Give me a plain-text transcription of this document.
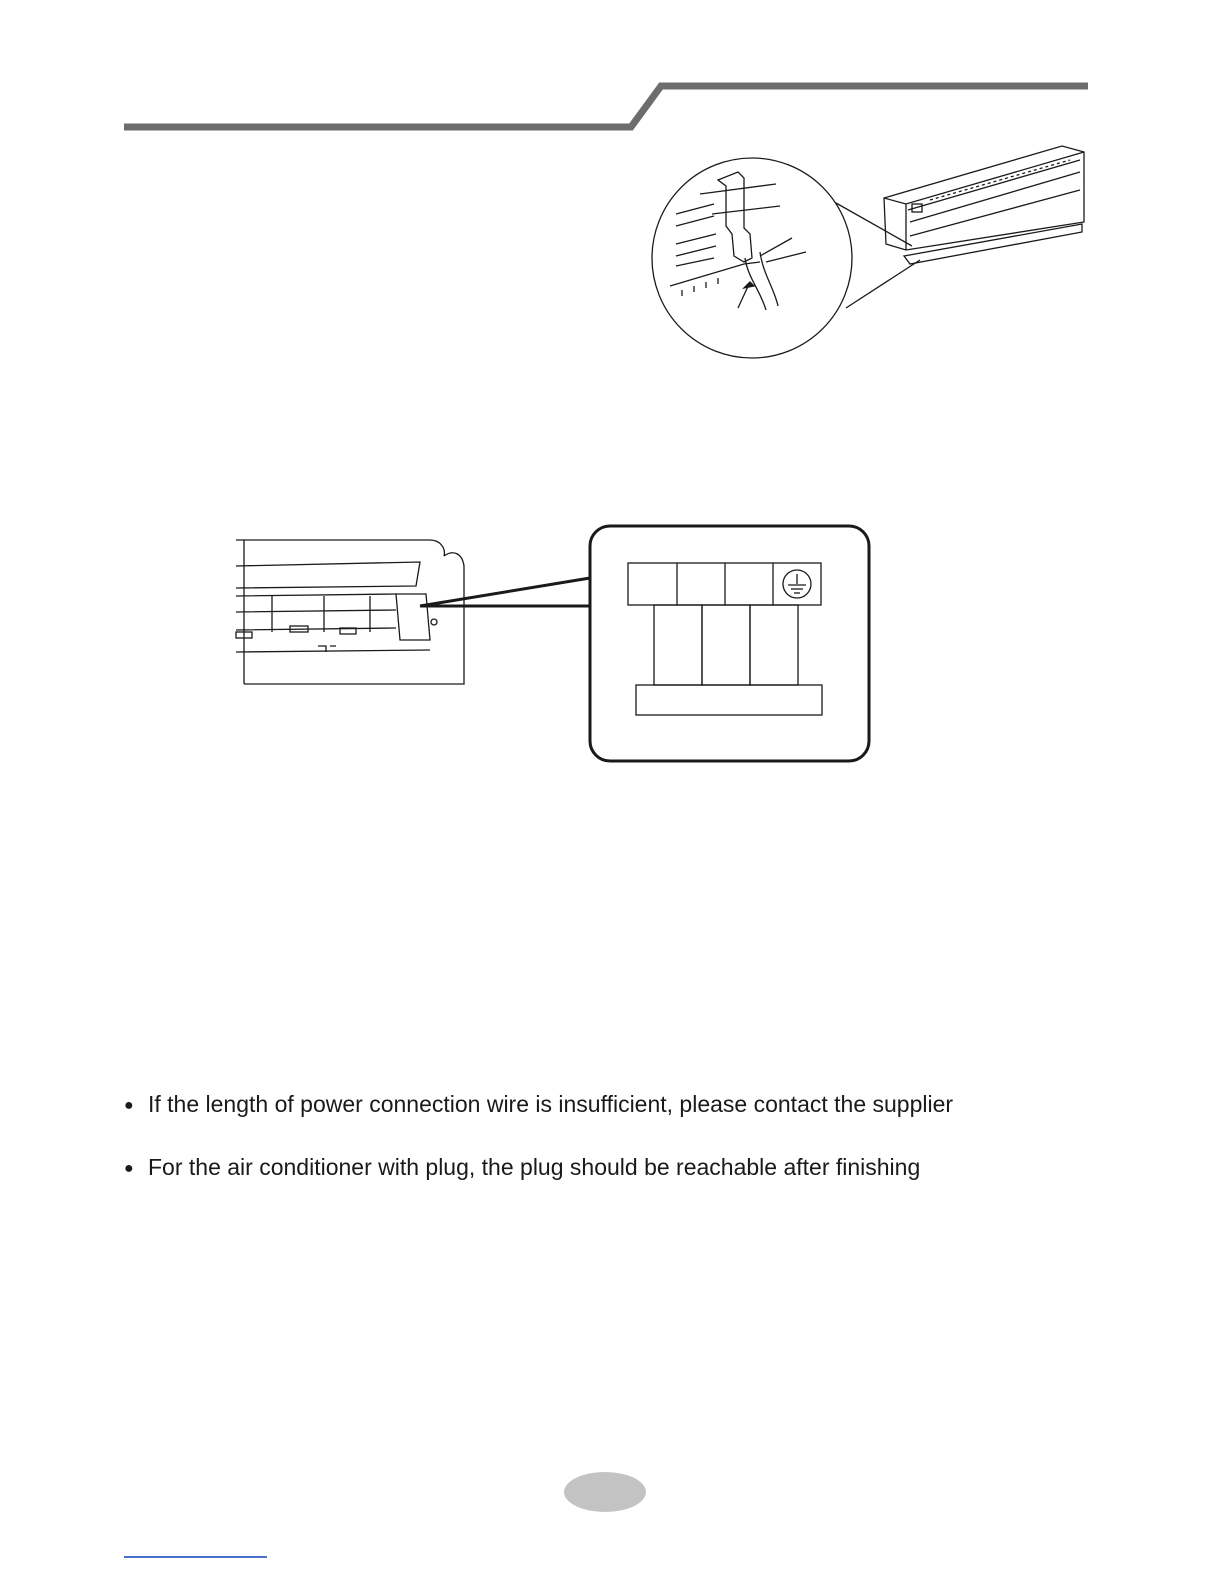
● If the length of power connection wire is insufficient, please contact the supplier
● For the air conditioner with plug, the plug should be reachable after finishing
